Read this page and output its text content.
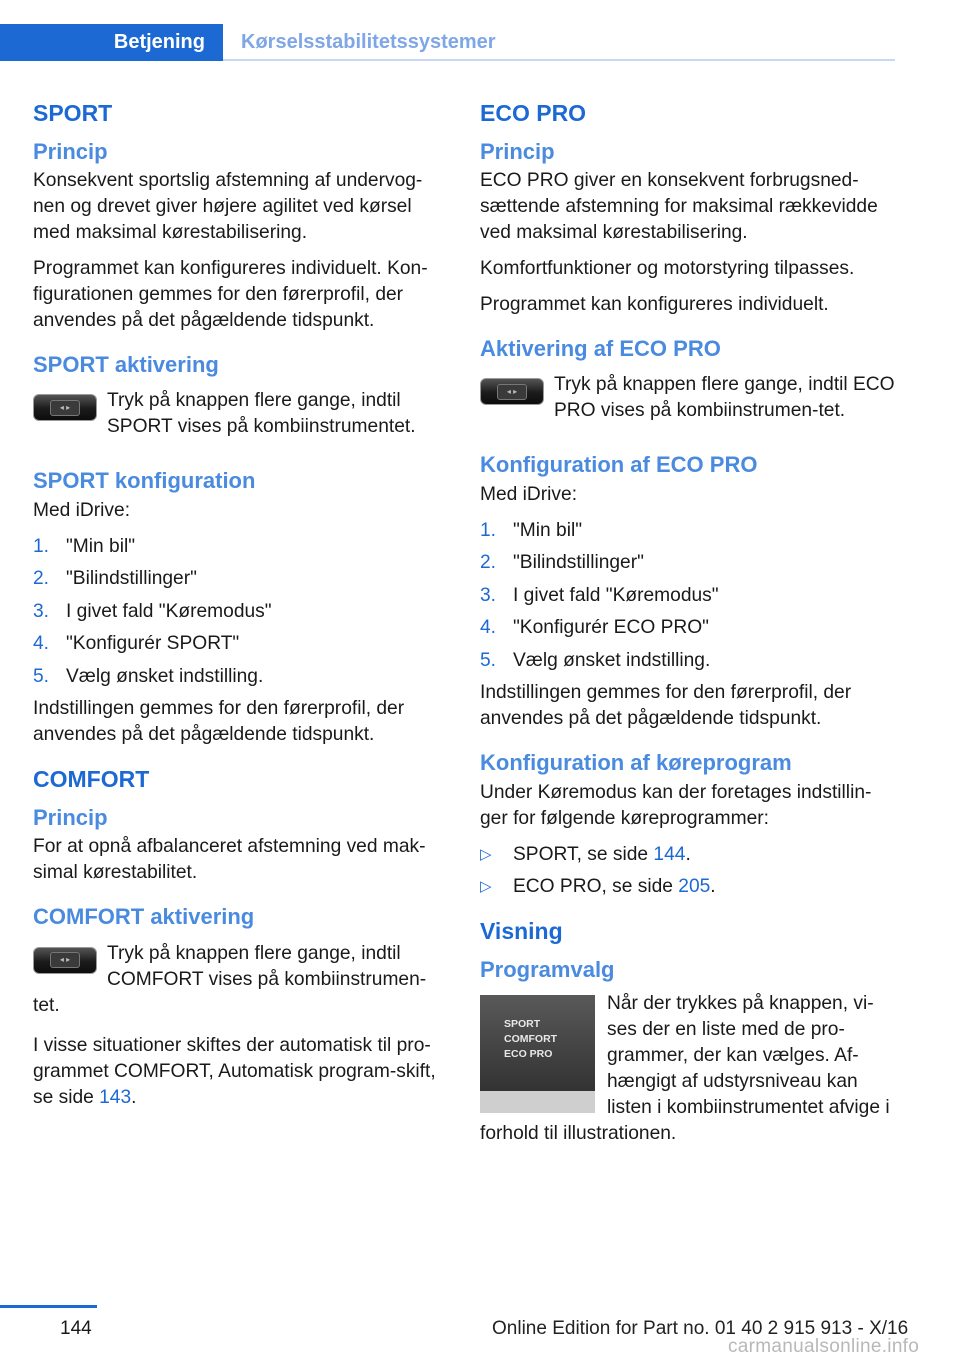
Betjening	Kørselsstabilitetssystemer
SPORT
Princip
Konsekvent sportslig afstemning af undervog-nen og drevet giver højere agilitet ved kørsel med maksimal kørestabilisering.
Programmet kan konfigureres individuelt. Kon-figurationen gemmes for den førerprofil, der anvendes på det pågældende tidspunkt.
SPORT aktivering
◂ ▸	Tryk på knappen flere gange, indtil SPORT vises på kombiinstrumentet.
SPORT konfiguration
Med iDrive:
1. "Min bil"
2. "Bilindstillinger"
3. I givet fald "Køremodus"
4. "Konfigurér SPORT"
5. Vælg ønsket indstilling.
Indstillingen gemmes for den førerprofil, der anvendes på det pågældende tidspunkt.
COMFORT
Princip
For at opnå afbalanceret afstemning ved mak-simal kørestabilitet.
COMFORT aktivering
◂ ▸	Tryk på knappen flere gange, indtil COMFORT vises på kombiinstrumen-tet.
I visse situationer skiftes der automatisk til pro-grammet COMFORT, Automatisk program-skift, se side 143.
ECO PRO
Princip
ECO PRO giver en konsekvent forbrugsned-sættende afstemning for maksimal rækkevidde ved maksimal kørestabilisering.
Komfortfunktioner og motorstyring tilpasses.
Programmet kan konfigureres individuelt.
Aktivering af ECO PRO
◂ ▸	Tryk på knappen flere gange, indtil ECO PRO vises på kombiinstrumen-tet.
Konfiguration af ECO PRO
Med iDrive:
1. "Min bil"
2. "Bilindstillinger"
3. I givet fald "Køremodus"
4. "Konfigurér ECO PRO"
5. Vælg ønsket indstilling.
Indstillingen gemmes for den førerprofil, der anvendes på det pågældende tidspunkt.
Konfiguration af køreprogram
Under Køremodus kan der foretages indstillin-ger for følgende køreprogrammer:
▷	SPORT, se side 144.
▷	ECO PRO, se side 205.
Visning
Programvalg
SPORT
COMFORT
ECO PRO
Når der trykkes på knappen, vi-ses der en liste med de pro-grammer, der kan vælges. Af-hængigt af udstyrsniveau kan listen i kombiinstrumentet afvige i forhold til illustrationen.
144	Online Edition for Part no. 01 40 2 915 913 - X/16
carmanualsonline.info
